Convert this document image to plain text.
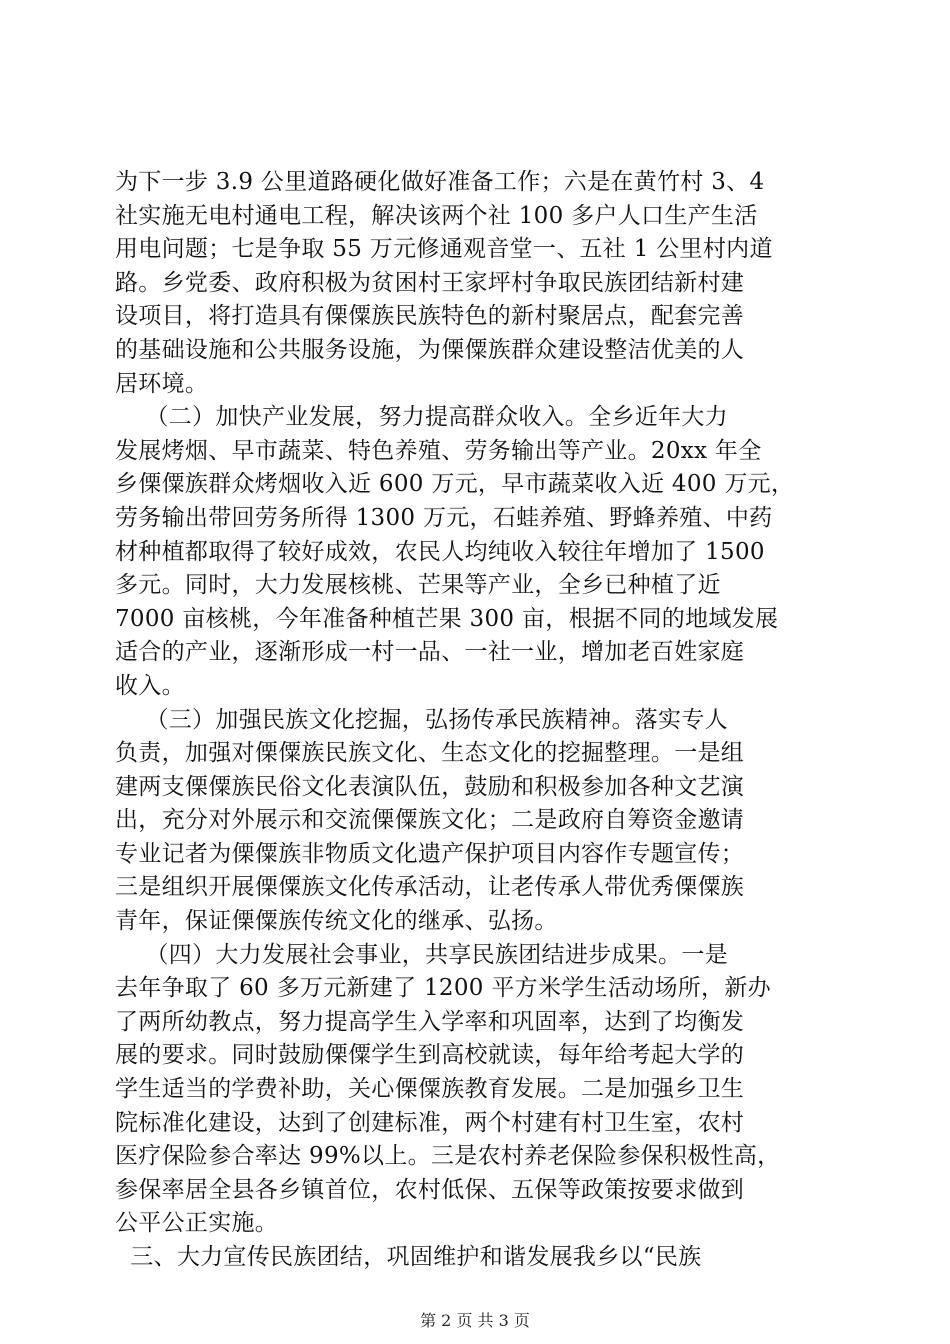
为下一步 3.9 公里道路硬化做好准备工作；六是在黄竹村 3、4
社实施无电村通电工程，解决该两个社 100 多户人口生产生活
用电问题；七是争取 55 万元修通观音堂一、五社 1 公里村内道
路。乡党委、政府积极为贫困村王家坪村争取民族团结新村建
设项目，将打造具有傈僳族民族特色的新村聚居点，配套完善
的基础设施和公共服务设施，为傈僳族群众建设整洁优美的人
居环境。
（二）加快产业发展，努力提高群众收入。全乡近年大力
发展烤烟、早市蔬菜、特色养殖、劳务输出等产业。20xx 年全
乡傈僳族群众烤烟收入近 600 万元，早市蔬菜收入近 400 万元，
劳务输出带回劳务所得 1300 万元，石蛙养殖、野蜂养殖、中药
材种植都取得了较好成效，农民人均纯收入较往年增加了 1500
多元。同时，大力发展核桃、芒果等产业，全乡已种植了近
7000 亩核桃，今年准备种植芒果 300 亩，根据不同的地域发展
适合的产业，逐渐形成一村一品、一社一业，增加老百姓家庭
收入。
（三）加强民族文化挖掘，弘扬传承民族精神。落实专人
负责，加强对傈僳族民族文化、生态文化的挖掘整理。一是组
建两支傈僳族民俗文化表演队伍，鼓励和积极参加各种文艺演
出，充分对外展示和交流傈僳族文化；二是政府自筹资金邀请
专业记者为傈僳族非物质文化遗产保护项目内容作专题宣传；
三是组织开展傈僳族文化传承活动，让老传承人带优秀傈僳族
青年，保证傈僳族传统文化的继承、弘扬。
（四）大力发展社会事业，共享民族团结进步成果。一是
去年争取了 60 多万元新建了 1200 平方米学生活动场所，新办
了两所幼教点，努力提高学生入学率和巩固率，达到了均衡发
展的要求。同时鼓励傈僳学生到高校就读，每年给考起大学的
学生适当的学费补助，关心傈僳族教育发展。二是加强乡卫生
院标准化建设，达到了创建标准，两个村建有村卫生室，农村
医疗保险参合率达 99%以上。三是农村养老保险参保积极性高，
参保率居全县各乡镇首位，农村低保、五保等政策按要求做到
公平公正实施。
三、大力宣传民族团结，巩固维护和谐发展我乡以“民族
第 2 页 共 3 页
